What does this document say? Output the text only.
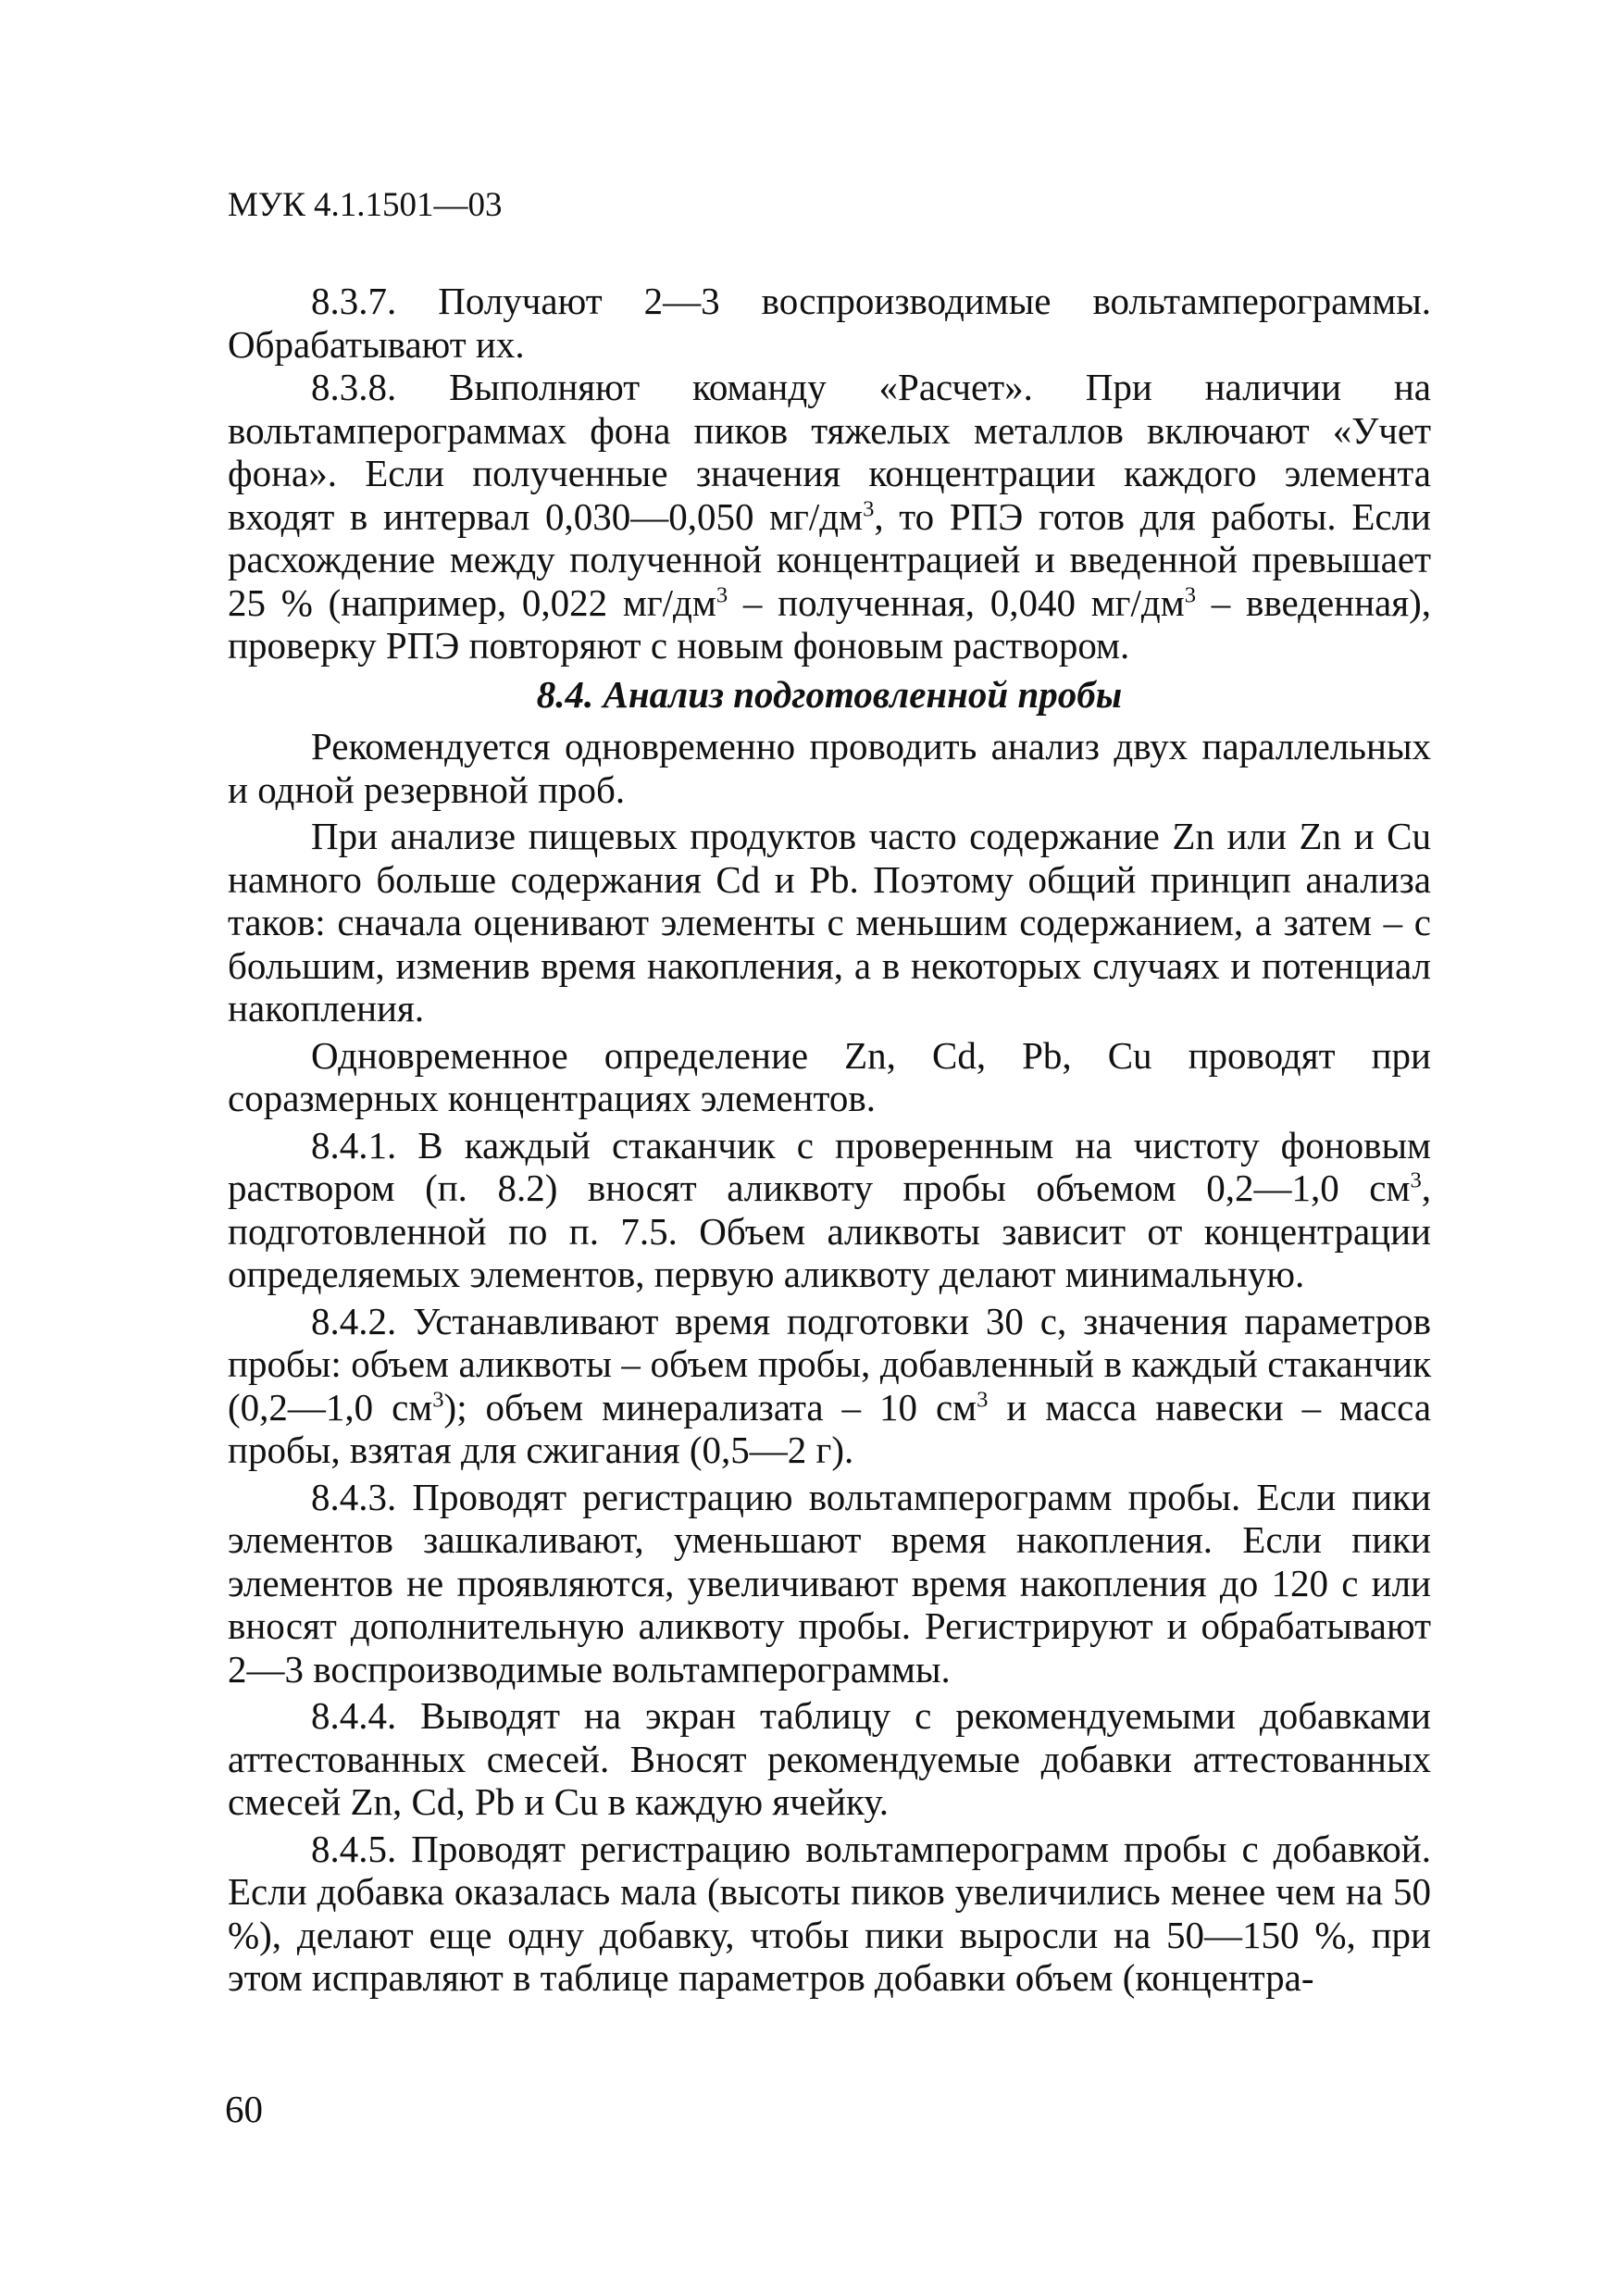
МУК 4.1.1501—03

8.3.7. Получают 2—3 воспроизводимые вольтамперограммы. Обрабатывают их.

8.3.8. Выполняют команду «Расчет». При наличии на вольтамперограммах фона пиков тяжелых металлов включают «Учет фона». Если полученные значения концентрации каждого элемента входят в интервал 0,030—0,050 $мг/дм^3$, то РПЭ готов для работы. Если расхождение между полученной концентрацией и введенной превышает 25 % (например, 0,022 $мг/дм^3$ – полученная, 0,040 $мг/дм^3$ – введенная), проверку РПЭ повторяют с новым фоновым раствором.

8.4. Анализ подготовленной пробы

Рекомендуется одновременно проводить анализ двух параллельных и одной резервной проб.

При анализе пищевых продуктов часто содержание Zn или Zn и Cu намного больше содержания Cd и Pb. Поэтому общий принцип анализа таков: сначала оценивают элементы с меньшим содержанием, а затем – с большим, изменив время накопления, а в некоторых случаях и потенциал накопления.

Одновременное определение Zn, Cd, Pb, Cu проводят при соразмерных концентрациях элементов.

8.4.1. В каждый стаканчик с проверенным на чистоту фоновым раствором (п. 8.2) вносят аликвоту пробы объемом 0,2—1,0 $см^3$, подготовленной по п. 7.5. Объем аликвоты зависит от концентрации определяемых элементов, первую аликвоту делают минимальную.

8.4.2. Устанавливают время подготовки 30 с, значения параметров пробы: объем аликвоты – объем пробы, добавленный в каждый стаканчик (0,2—1,0 $см^3$); объем минерализата – 10 $см^3$ и масса навески – масса пробы, взятая для сжигания (0,5—2 г).

8.4.3. Проводят регистрацию вольтамперограмм пробы. Если пики элементов зашкаливают, уменьшают время накопления. Если пики элементов не проявляются, увеличивают время накопления до 120 с или вносят дополнительную аликвоту пробы. Регистрируют и обрабатывают 2—3 воспроизводимые вольтамперограммы.

8.4.4. Выводят на экран таблицу с рекомендуемыми добавками аттестованных смесей. Вносят рекомендуемые добавки аттестованных смесей Zn, Cd, Pb и Cu в каждую ячейку.

8.4.5. Проводят регистрацию вольтамперограмм пробы с добавкой. Если добавка оказалась мала (высоты пиков увеличились менее чем на 50 %), делают еще одну добавку, чтобы пики выросли на 50—150 %, при этом исправляют в таблице параметров добавки объем (концентра-

60
